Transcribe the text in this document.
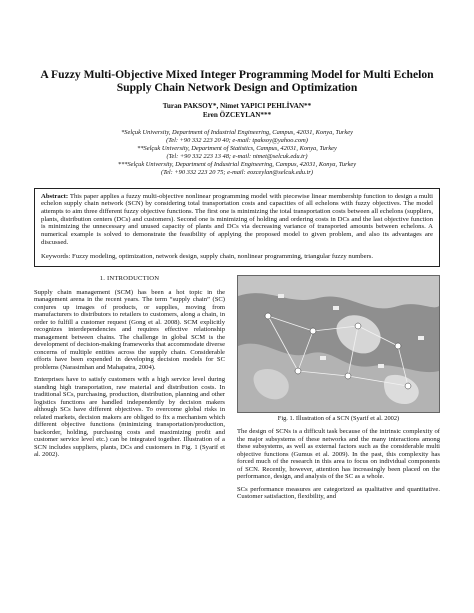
A Fuzzy Multi-Objective Mixed Integer Programming Model for Multi Echelon Supply Chain Network Design and Optimization
Turan PAKSOY*, Nimet YAPICI PEHLİVAN**
Eren ÖZCEYLAN***
*Selçuk University, Department of Industrial Engineering, Campus, 42031, Konya, Turkey
(Tel: +90 332 223 20 40; e-mail: tpaksoy@yahoo.com)
**Selçuk University, Department of Statistics, Campus, 42031, Konya, Turkey
(Tel: +90 332 223 13 48; e-mail: nimet@selcuk.edu.tr)
***Selçuk University, Department of Industrial Engineering, Campus, 42031, Konya, Turkey
(Tel: +90 332 223 20 75; e-mail: eozceylan@selcuk.edu.tr)

Abstract: This paper applies a fuzzy multi-objective nonlinear programming model with piecewise linear membership function to design a multi echelon supply chain network (SCN) by considering total transportation costs and capacities of all echelons with fuzzy objectives. The model attempts to aim three different fuzzy objective functions. The first one is minimizing the total transportation costs between all echelons (suppliers, plants, distribution centers (DCs) and customers). Second one is minimizing of holding and ordering costs in DCs and the last objective function is minimizing the unnecessary and unused capacity of plants and DCs via decreasing variance of transported amounts between echelons. A numerical example is solved to demonstrate the feasibility of applying the proposed model to given problem, and also its advantages are discussed.

Keywords: Fuzzy modeling, optimization, network design, supply chain, nonlinear programming, triangular fuzzy numbers.

1. INTRODUCTION

Supply chain management (SCM) has been a hot topic in the management arena in the recent years. The term “supply chain” (SC) conjures up images of products, or supplies, moving from manufacturers to distributors to retailers to customers, along a chain, in order to fulfill a customer request (Gong et al. 2008). SCM explicitly recognizes interdependencies and requires effective relationship management between chains. The challenge in global SCM is the development of decision-making frameworks that accommodate diverse concerns of multiple entities across the supply chain. Considerable efforts have been expended in developing decision models for SC problems (Narasimhan and Mahapatra, 2004).

Enterprises have to satisfy customers with a high service level during standing high transportation, raw material and distribution costs. In traditional SCs, purchasing, production, distribution, planning and other logistics functions are handled independently by decision makers although SCs have different objectives. To overcome global risks in related markets, decision makers are obliged to fix a mechanism which different objective functions (minimizing transportation/production, backorder, holding, purchasing costs and maximizing profit and customer service level etc.) can be integrated together. Illustration of a SCN includes suppliers, plants, DCs and customers in Fig. 1 (Syarif et al. 2002).

Fig. 1. Illustration of a SCN (Syarif et al. 2002)

The design of SCNs is a difficult task because of the intrinsic complexity of the major subsystems of these networks and the many interactions among these subsystems, as well as external factors such as the considerable multi objective functions (Gumus et al. 2009). In the past, this complexity has forced much of the research in this area to focus on individual components of SCN. Recently, however, attention has increasingly been placed on the performance, design, and analysis of the SC as a whole.

SCs performance measures are categorized as qualitative and quantitative. Customer satisfaction, flexibility, and
